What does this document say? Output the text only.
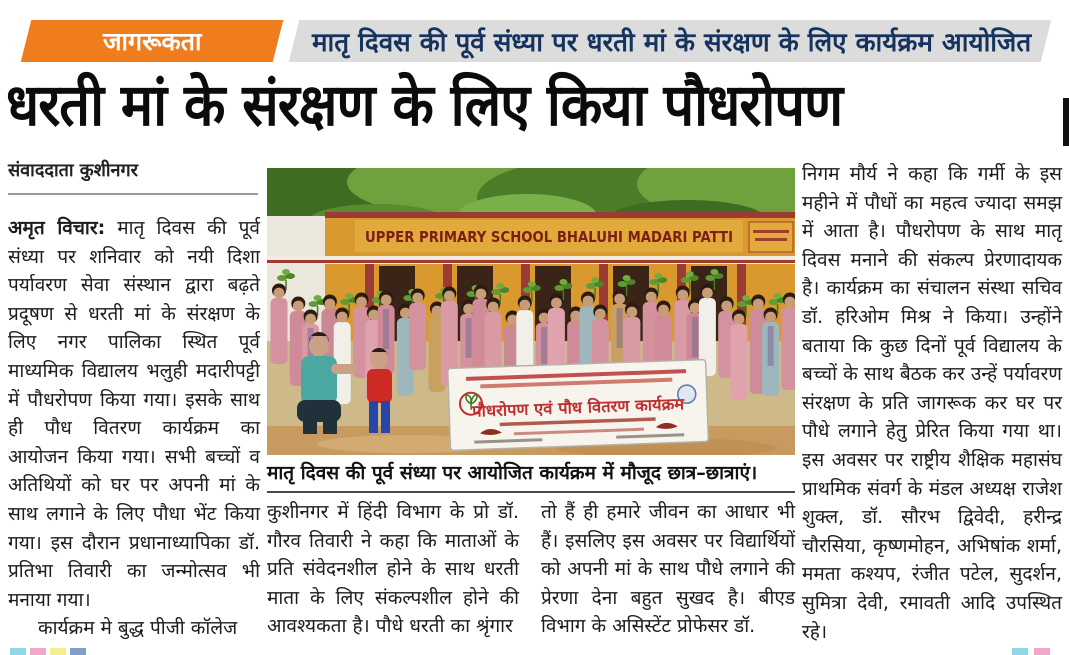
जागरूकता	मातृ दिवस की पूर्व संध्या पर धरती मां के संरक्षण के लिए कार्यक्रम आयोजित
धरती मां के संरक्षण के लिए किया पौधरोपण
संवाददाता कुशीनगर

अमृत विचार: मातृ दिवस की पूर्व संध्या पर शनिवार को नयी दिशा पर्यावरण सेवा संस्थान द्वारा बढ़ते प्रदूषण से धरती मां के संरक्षण के लिए नगर पालिका स्थित पूर्व माध्यमिक विद्यालय भलुही मदारीपट्टी में पौधरोपण किया गया। इसके साथ ही पौध वितरण कार्यक्रम का आयोजन किया गया। सभी बच्चों व अतिथियों को घर पर अपनी मां के साथ लगाने के लिए पौधा भेंट किया गया। इस दौरान प्रधानाध्यापिका डॉ. प्रतिभा तिवारी का जन्मोत्सव भी मनाया गया।

कार्यक्रम मे बुद्ध पीजी कॉलेज

UPPER PRIMARY SCHOOL BHALUHI MADARI PATTI
पौधरोपण एवं पौध वितरण कार्यक्रम
मातृ दिवस की पूर्व संध्या पर आयोजित कार्यक्रम में मौजूद छात्र–छात्राएं।
कुशीनगर में हिंदी विभाग के प्रो डॉ. गौरव तिवारी ने कहा कि माताओं के प्रति संवेदनशील होने के साथ धरती माता के लिए संकल्पशील होने की आवश्यकता है। पौधे धरती का श्रृंगार
तो हैं ही हमारे जीवन का आधार भी हैं। इसलिए इस अवसर पर विद्यार्थियों को अपनी मां के साथ पौधे लगाने की प्रेरणा देना बहुत सुखद है। बीएड विभाग के असिस्टेंट प्रोफेसर डॉ.
निगम मौर्य ने कहा कि गर्मी के इस महीने में पौधों का महत्व ज्यादा समझ में आता है। पौधरोपण के साथ मातृ दिवस मनाने की संकल्प प्रेरणादायक है। कार्यक्रम का संचालन संस्था सचिव डॉ. हरिओम मिश्र ने किया। उन्होंने बताया कि कुछ दिनों पूर्व विद्यालय के बच्चों के साथ बैठक कर उन्हें पर्यावरण संरक्षण के प्रति जागरूक कर घर पर पौधे लगाने हेतु प्रेरित किया गया था। इस अवसर पर राष्ट्रीय शैक्षिक महासंघ प्राथमिक संवर्ग के मंडल अध्यक्ष राजेश शुक्ल, डॉ. सौरभ द्विवेदी, हरीन्द्र चौरसिया, कृष्णमोहन, अभिषांक शर्मा, ममता कश्यप, रंजीत पटेल, सुदर्शन, सुमित्रा देवी, रमावती आदि उपस्थित रहे।
